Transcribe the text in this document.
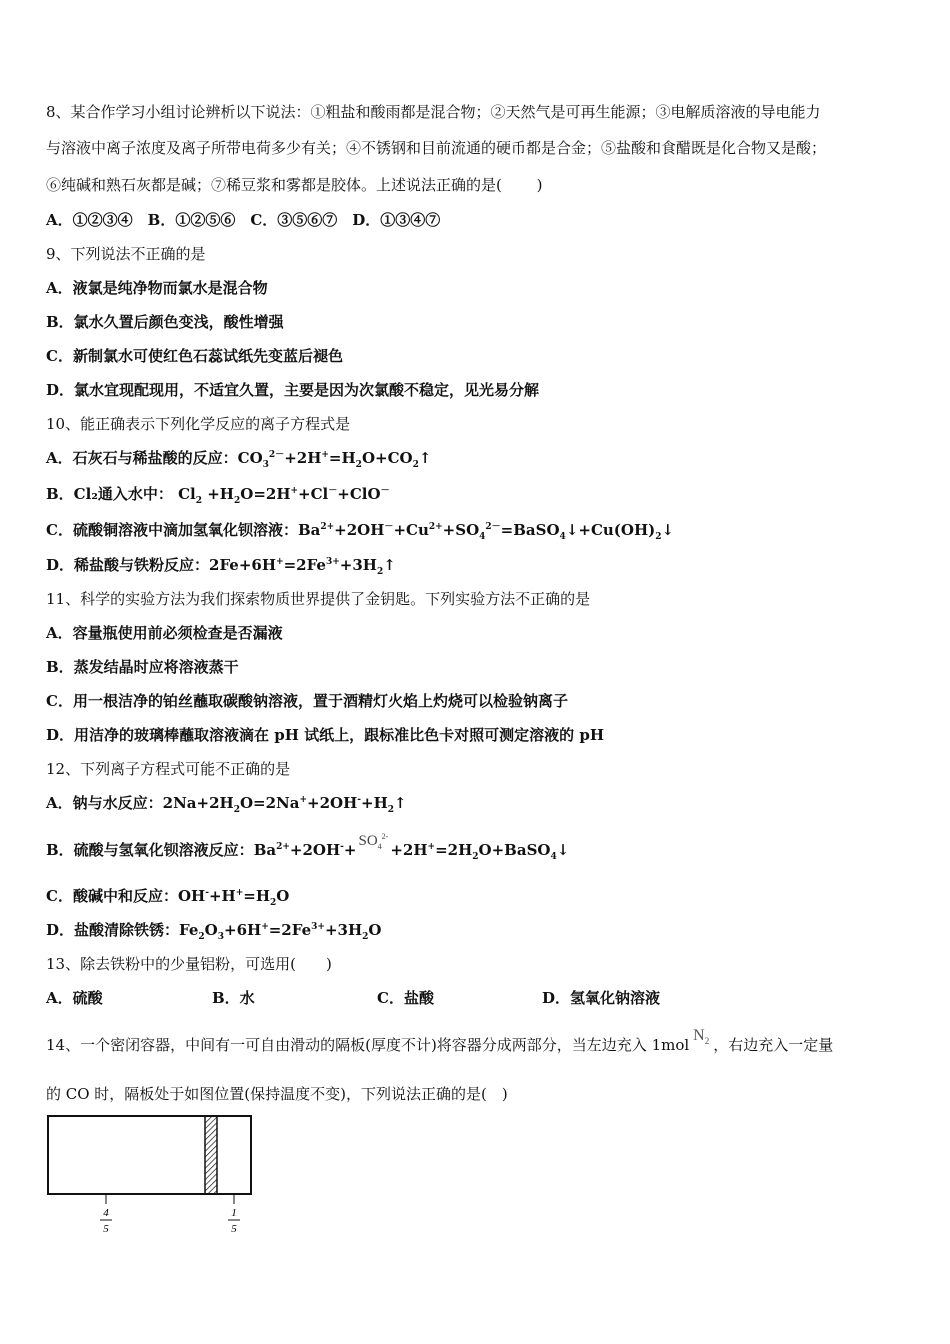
8、某合作学习小组讨论辨析以下说法：①粗盐和酸雨都是混合物；②天然气是可再生能源；③电解质溶液的导电能力
与溶液中离子浓度及离子所带电荷多少有关；④不锈钢和目前流通的硬币都是合金；⑤盐酸和食醋既是化合物又是酸；
⑥纯碱和熟石灰都是碱；⑦稀豆浆和雾都是胶体。上述说法正确的是(　　 )
A．①②③④　B．①②⑤⑥　C．③⑤⑥⑦　D．①③④⑦
9、下列说法不正确的是
A．液氯是纯净物而氯水是混合物
B．氯水久置后颜色变浅，酸性增强
C．新制氯水可使红色石蕊试纸先变蓝后褪色
D．氯水宜现配现用，不适宜久置，主要是因为次氯酸不稳定，见光易分解
10、能正确表示下列化学反应的离子方程式是
A．石灰石与稀盐酸的反应：$CO_3^{2-}+2H^+=H_2O+CO_2↑$
B．Cl₂通入水中： $Cl_2 +H_2O=2H^++Cl^-+ClO^-$
C．硫酸铜溶液中滴加氢氧化钡溶液：$Ba^{2+}+2OH^-+Cu^{2+}+SO_4^{2-}=BaSO_4↓+Cu(OH)_2↓$
D．稀盐酸与铁粉反应：$2Fe+6H^+=2Fe^{3+}+3H_2↑$
11、科学的实验方法为我们探索物质世界提供了金钥匙。下列实验方法不正确的是
A．容量瓶使用前必须检查是否漏液
B．蒸发结晶时应将溶液蒸干
C．用一根洁净的铂丝蘸取碳酸钠溶液，置于酒精灯火焰上灼烧可以检验钠离子
D．用洁净的玻璃棒蘸取溶液滴在 pH 试纸上，跟标准比色卡对照可测定溶液的 pH
12、下列离子方程式可能不正确的是
A．钠与水反应：$2Na+2H_2O=2Na^++2OH^-+H_2↑$
B．硫酸与氢氧化钡溶液反应：$Ba^{2+}+2OH^-+$ $SO_4^{2-}+2H^+=2H_2O+BaSO_4↓$
C．酸碱中和反应：$OH^-+H^+=H_2O$
D．盐酸清除铁锈：$Fe_2O_3+6H^+=2Fe^{3+}+3H_2O$
13、除去铁粉中的少量铝粉，可选用(　　)
A．硫酸	B．水	C．盐酸	D．氢氧化钠溶液
14、一个密闭容器，中间有一可自由滑动的隔板(厚度不计)将容器分成两部分，当左边充入 1molN$_2$ ，右边充入一定量
的 CO 时，隔板处于如图位置(保持温度不变)，下列说法正确的是(　)
4
5
1
5
